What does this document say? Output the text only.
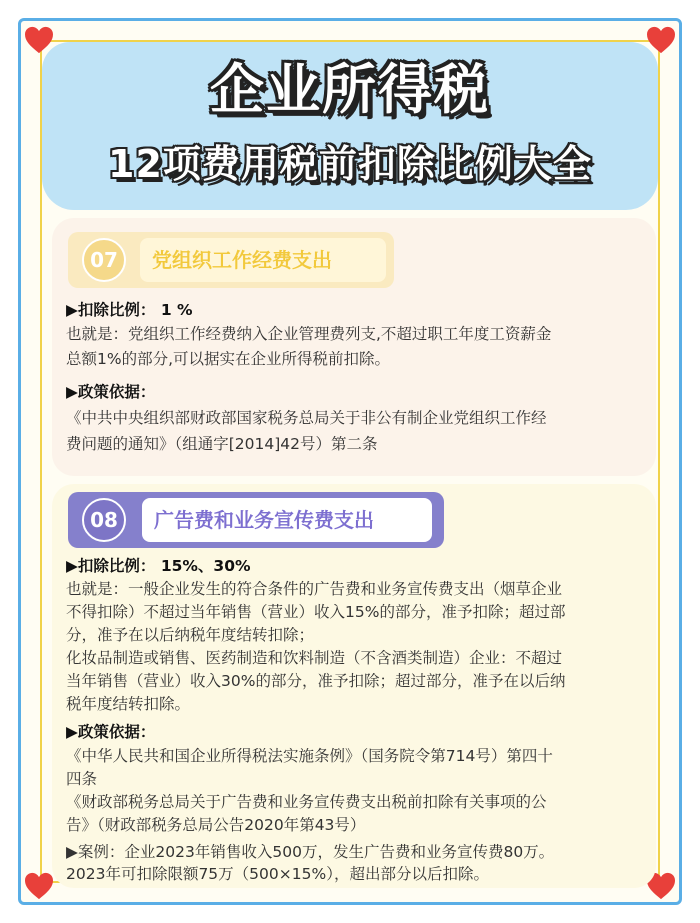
企业所得税
12项费用税前扣除比例大全
07	党组织工作经费支出
▶扣除比例： 1 %
也就是：党组织工作经费纳入企业管理费列支,不超过职工年度工资薪金
总额1%的部分,可以据实在企业所得税前扣除。
▶政策依据：
《中共中央组织部财政部国家税务总局关于非公有制企业党组织工作经
费问题的通知》（组通字[2014]42号）第二条
08	广告费和业务宣传费支出
▶扣除比例： 15%、30%
也就是：一般企业发生的符合条件的广告费和业务宣传费支出（烟草企业
不得扣除）不超过当年销售（营业）收入15%的部分，准予扣除；超过部
分，准予在以后纳税年度结转扣除；
化妆品制造或销售、医药制造和饮料制造（不含酒类制造）企业：不超过
当年销售（营业）收入30%的部分，准予扣除；超过部分，准予在以后纳
税年度结转扣除。
▶政策依据：
《中华人民共和国企业所得税法实施条例》（国务院令第714号）第四十
四条
《财政部税务总局关于广告费和业务宣传费支出税前扣除有关事项的公
告》（财政部税务总局公告2020年第43号）
▶案例：企业2023年销售收入500万，发生广告费和业务宣传费80万。
2023年可扣除限额75万（500×15%），超出部分以后扣除。
